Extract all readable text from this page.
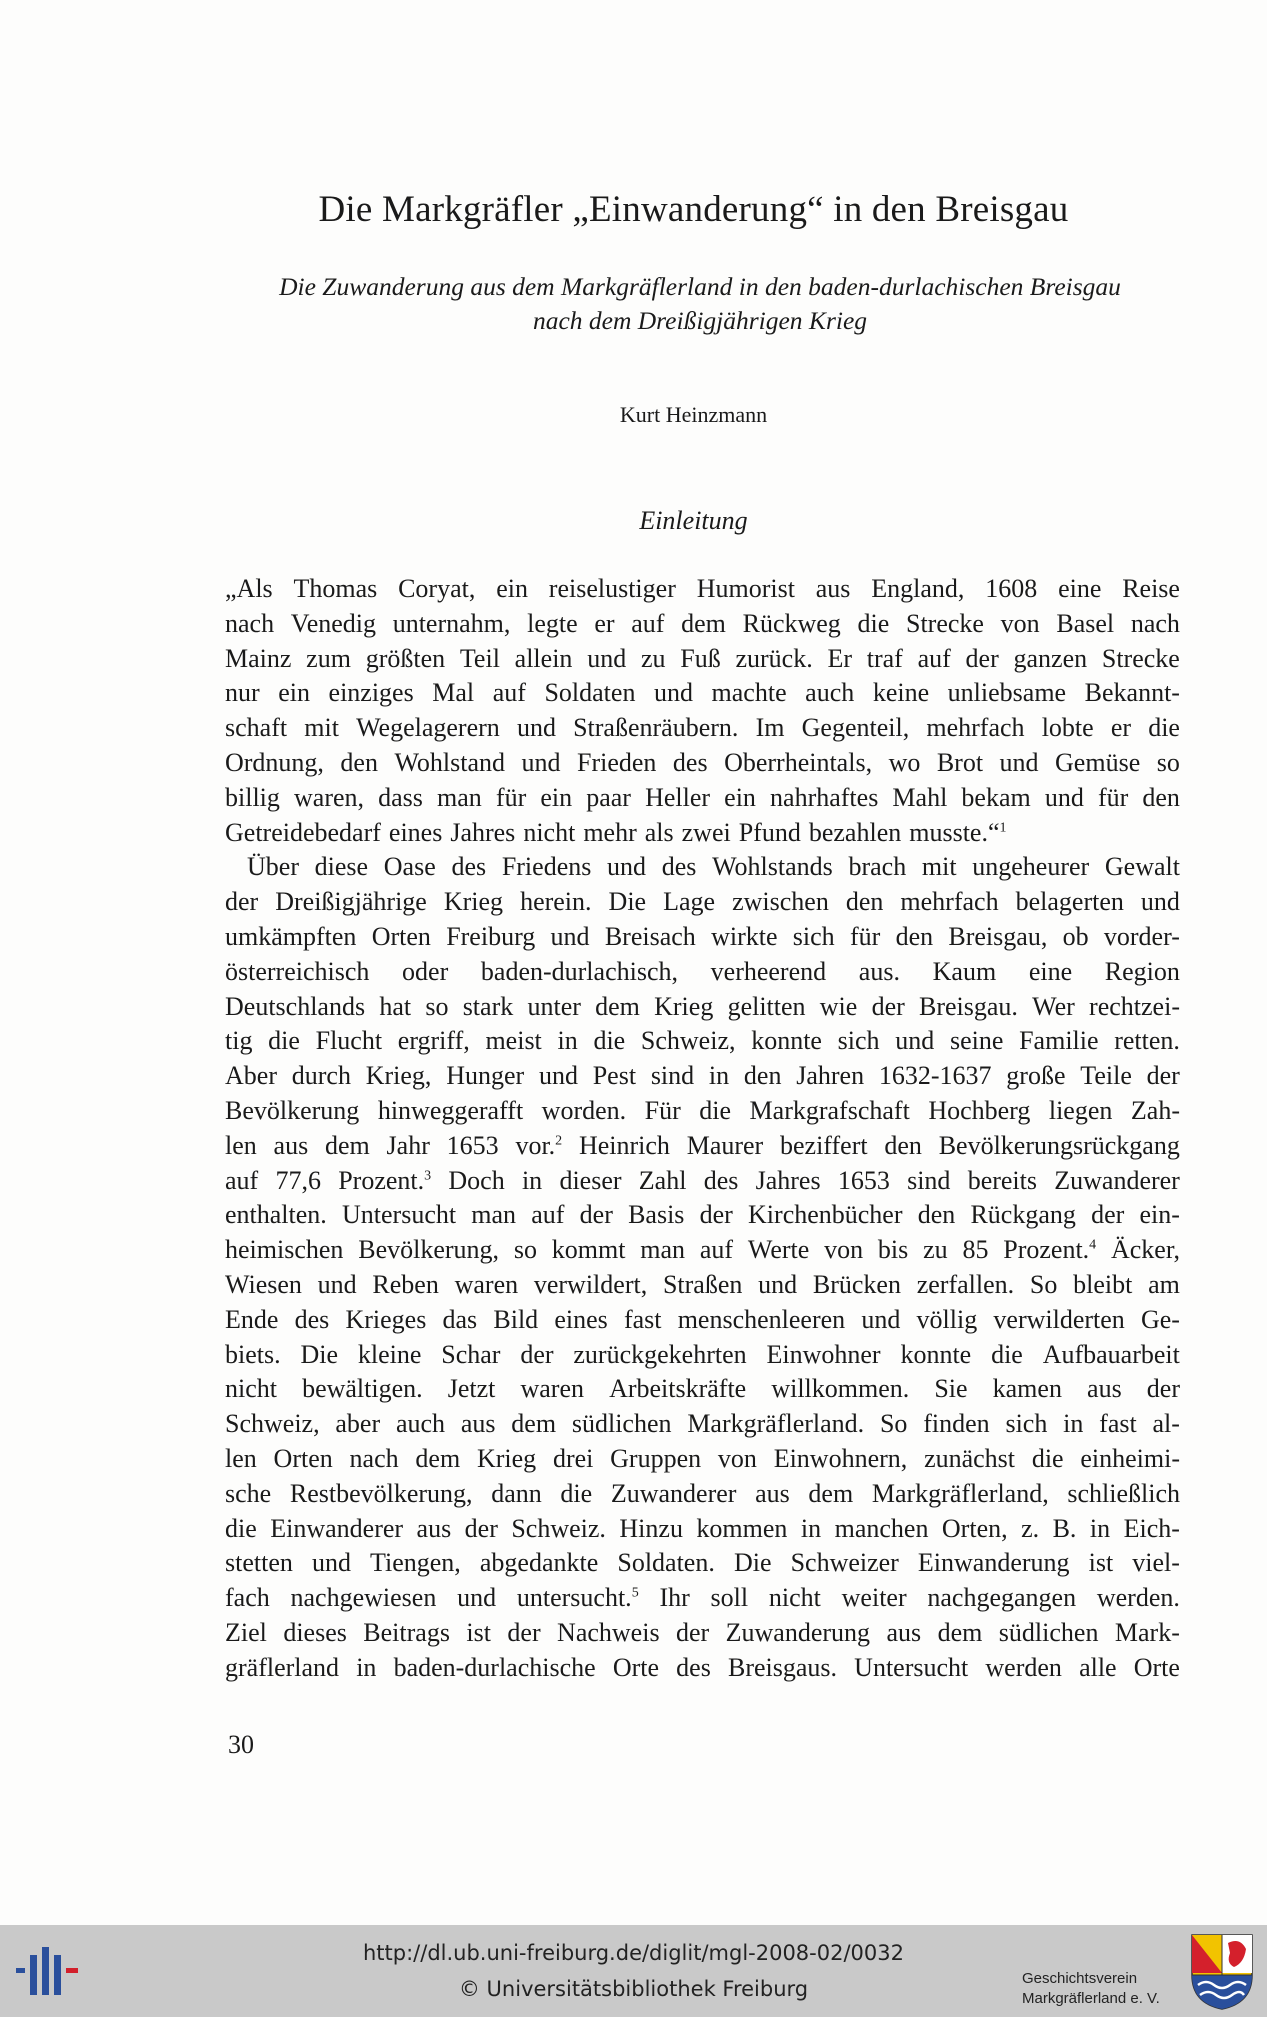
Die Markgräfler „Einwanderung“ in den Breisgau
Die Zuwanderung aus dem Markgräflerland in den baden-durlachischen Breisgau
nach dem Dreißigjährigen Krieg

Kurt Heinzmann

Einleitung
„Als Thomas Coryat, ein reiselustiger Humorist aus England, 1608 eine Reise
nach Venedig unternahm, legte er auf dem Rückweg die Strecke von Basel nach
Mainz zum größten Teil allein und zu Fuß zurück. Er traf auf der ganzen Strecke
nur ein einziges Mal auf Soldaten und machte auch keine unliebsame Bekannt-
schaft mit Wegelagerern und Straßenräubern. Im Gegenteil, mehrfach lobte er die
Ordnung, den Wohlstand und Frieden des Oberrheintals, wo Brot und Gemüse so
billig waren, dass man für ein paar Heller ein nahrhaftes Mahl bekam und für den
Getreidebedarf eines Jahres nicht mehr als zwei Pfund bezahlen musste.“$^1$
Über diese Oase des Friedens und des Wohlstands brach mit ungeheurer Gewalt
der Dreißigjährige Krieg herein. Die Lage zwischen den mehrfach belagerten und
umkämpften Orten Freiburg und Breisach wirkte sich für den Breisgau, ob vorder-
österreichisch oder baden-durlachisch, verheerend aus. Kaum eine Region
Deutschlands hat so stark unter dem Krieg gelitten wie der Breisgau. Wer rechtzei-
tig die Flucht ergriff, meist in die Schweiz, konnte sich und seine Familie retten.
Aber durch Krieg, Hunger und Pest sind in den Jahren 1632-1637 große Teile der
Bevölkerung hinweggerafft worden. Für die Markgrafschaft Hochberg liegen Zah-
len aus dem Jahr 1653 vor.$^2$ Heinrich Maurer beziffert den Bevölkerungsrückgang
auf 77,6 Prozent.$^3$ Doch in dieser Zahl des Jahres 1653 sind bereits Zuwanderer
enthalten. Untersucht man auf der Basis der Kirchenbücher den Rückgang der ein-
heimischen Bevölkerung, so kommt man auf Werte von bis zu 85 Prozent.$^4$ Äcker,
Wiesen und Reben waren verwildert, Straßen und Brücken zerfallen. So bleibt am
Ende des Krieges das Bild eines fast menschenleeren und völlig verwilderten Ge-
biets. Die kleine Schar der zurückgekehrten Einwohner konnte die Aufbauarbeit
nicht bewältigen. Jetzt waren Arbeitskräfte willkommen. Sie kamen aus der
Schweiz, aber auch aus dem südlichen Markgräflerland. So finden sich in fast al-
len Orten nach dem Krieg drei Gruppen von Einwohnern, zunächst die einheimi-
sche Restbevölkerung, dann die Zuwanderer aus dem Markgräflerland, schließlich
die Einwanderer aus der Schweiz. Hinzu kommen in manchen Orten, z. B. in Eich-
stetten und Tiengen, abgedankte Soldaten. Die Schweizer Einwanderung ist viel-
fach nachgewiesen und untersucht.$^5$ Ihr soll nicht weiter nachgegangen werden.
Ziel dieses Beitrags ist der Nachweis der Zuwanderung aus dem südlichen Mark-
gräflerland in baden-durlachische Orte des Breisgaus. Untersucht werden alle Orte

30

http://dl.ub.uni-freiburg.de/diglit/mgl-2008-02/0032

© Universitätsbibliothek Freiburg	Geschichtsverein
Markgräflerland e. V.
